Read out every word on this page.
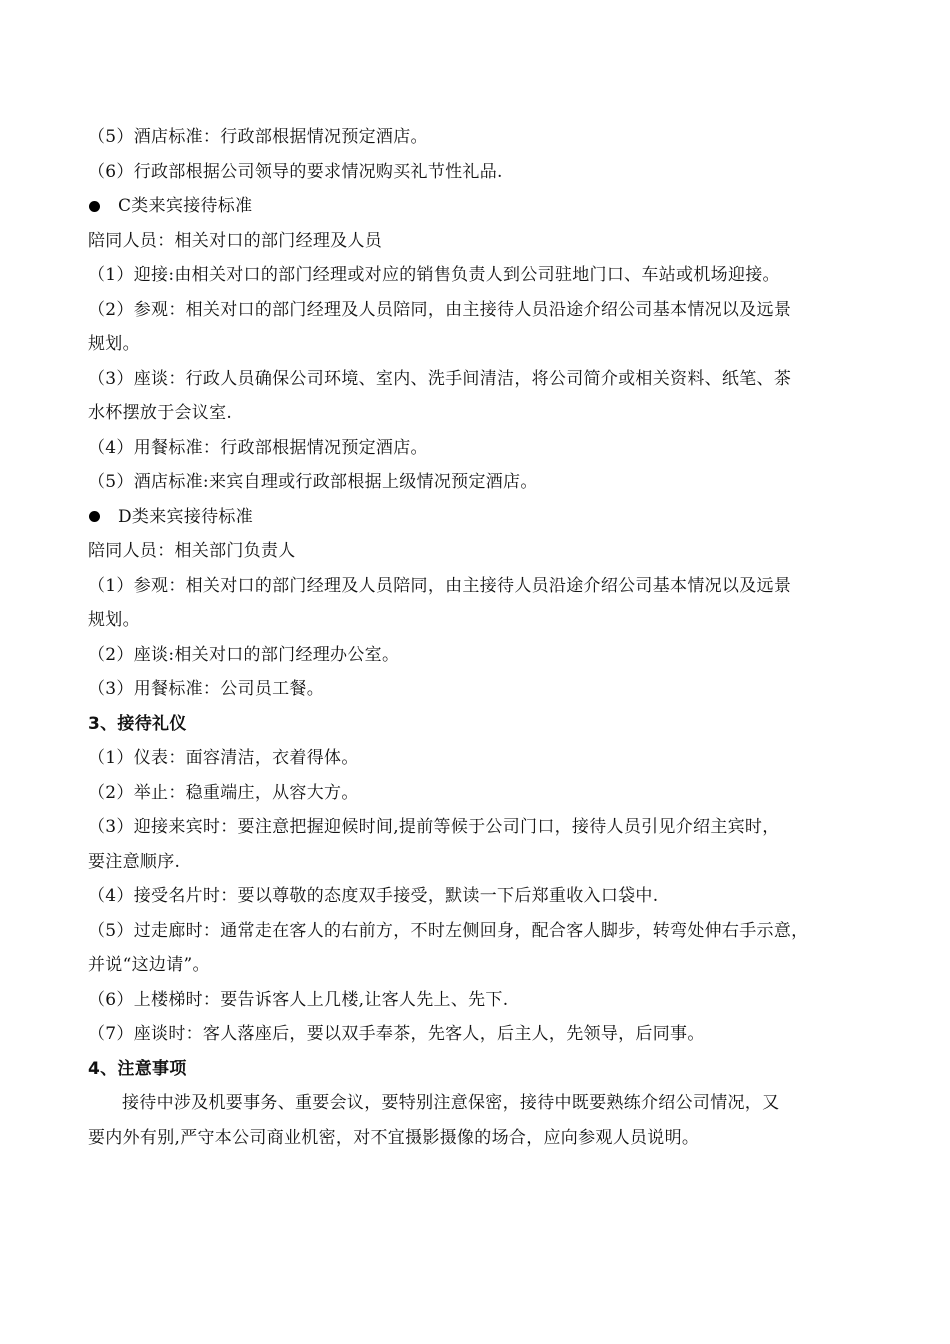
（5）酒店标准：行政部根据情况预定酒店。
（6）行政部根据公司领导的要求情况购买礼节性礼品.
C类来宾接待标准
陪同人员：相关对口的部门经理及人员
（1）迎接:由相关对口的部门经理或对应的销售负责人到公司驻地门口、车站或机场迎接。
（2）参观：相关对口的部门经理及人员陪同，由主接待人员沿途介绍公司基本情况以及远景
规划。
（3）座谈：行政人员确保公司环境、室内、洗手间清洁，将公司简介或相关资料、纸笔、茶
水杯摆放于会议室.
（4）用餐标准：行政部根据情况预定酒店。
（5）酒店标准:来宾自理或行政部根据上级情况预定酒店。
D类来宾接待标准
陪同人员：相关部门负责人
（1）参观：相关对口的部门经理及人员陪同，由主接待人员沿途介绍公司基本情况以及远景
规划。
（2）座谈:相关对口的部门经理办公室。
（3）用餐标准：公司员工餐。
3、接待礼仪
（1）仪表：面容清洁，衣着得体。
（2）举止：稳重端庄，从容大方。
（3）迎接来宾时：要注意把握迎候时间,提前等候于公司门口，接待人员引见介绍主宾时，
要注意顺序.
（4）接受名片时：要以尊敬的态度双手接受，默读一下后郑重收入口袋中.
（5）过走廊时：通常走在客人的右前方，不时左侧回身，配合客人脚步，转弯处伸右手示意，
并说“这边请”。
（6）上楼梯时：要告诉客人上几楼,让客人先上、先下.
（7）座谈时：客人落座后，要以双手奉茶，先客人，后主人，先领导，后同事。
4、注意事项
接待中涉及机要事务、重要会议，要特别注意保密，接待中既要熟练介绍公司情况，又
要内外有别,严守本公司商业机密，对不宜摄影摄像的场合，应向参观人员说明。
